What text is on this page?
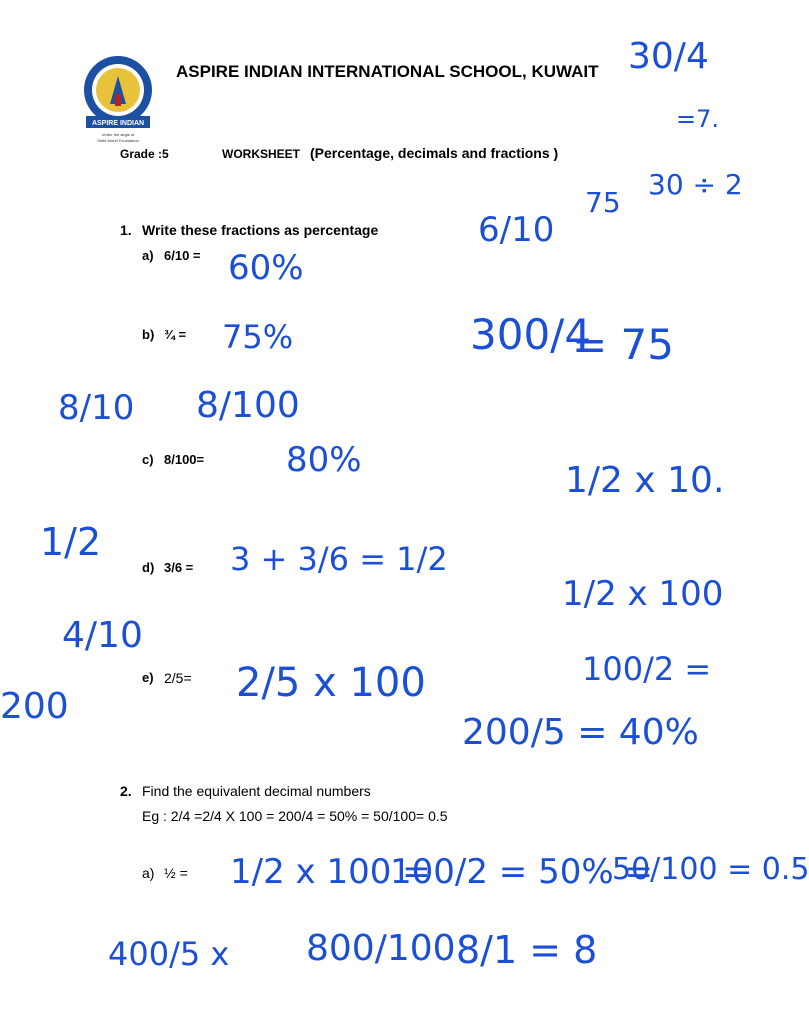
ASPIRE INDIAN
Under the aegis of
Sethi World Foundation
ASPIRE INDIAN INTERNATIONAL SCHOOL, KUWAIT
Grade :5	WORKSHEET (Percentage, decimals and fractions )
1. Write these fractions as percentage
a) 6/10 =
b) ¾ =
c) 8/100=
d) 3/6 =
e) 2/5=
2. Find the equivalent decimal numbers
Eg : 2/4 =2/4 X 100 = 200/4 = 50% = 50/100= 0.5
a) ½ =
60%
75%
80%
30/4
=7.
75
30 ÷ 2
6/10
300/4
= 75
8/100
8/10
1/2 x 10.
1/2	3 + 3/6 = 1/2
1/2 x 100
4/10
200
2/5 x 100	100/2 =
200/5 = 40%
1/2 x 100 =
100/2 = 50% =
50/100 = 0.5
400/5 x 800/100 8/1 = 8
